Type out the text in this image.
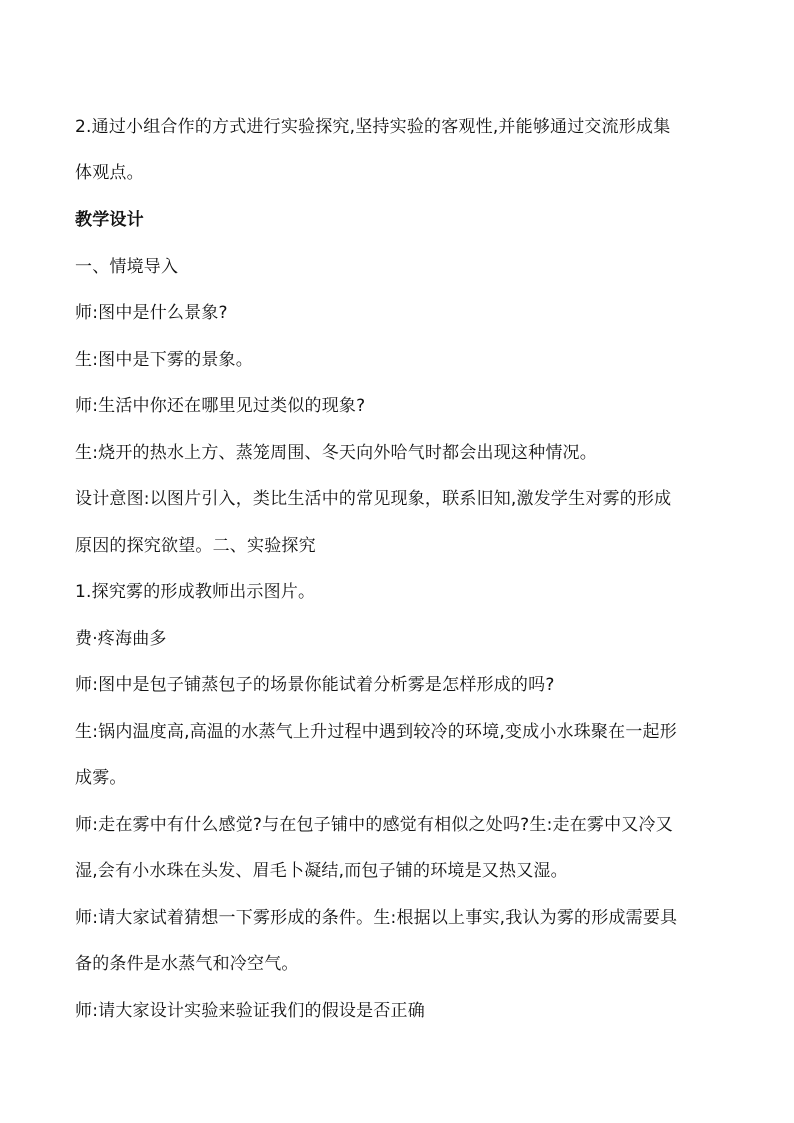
2.通过小组合作的方式进行实验探究,坚持实验的客观性,并能够通过交流形成集
体观点。
教学设计
一、情境导入
师:图中是什么景象?
生:图中是下雾的景象。
师:生活中你还在哪里见过类似的现象?
生:烧开的热水上方、蒸笼周围、冬天向外哈气时都会出现这种情况。
设计意图:以图片引入，类比生活中的常见现象，联系旧知,激发学生对雾的形成
原因的探究欲望。二、实验探究
1.探究雾的形成教师出示图片。
费·疼海曲多
师:图中是包子铺蒸包子的场景你能试着分析雾是怎样形成的吗?
生:锅内温度高,高温的水蒸气上升过程中遇到较冷的环境,变成小水珠聚在一起形
成雾。
师:走在雾中有什么感觉?与在包子铺中的感觉有相似之处吗?生:走在雾中又冷又
湿,会有小水珠在头发、眉毛卜凝结,而包子铺的环境是又热又湿。
师:请大家试着猜想一下雾形成的条件。生:根据以上事实,我认为雾的形成需要具
备的条件是水蒸气和冷空气。
师:请大家设计实验来验证我们的假设是否正确
